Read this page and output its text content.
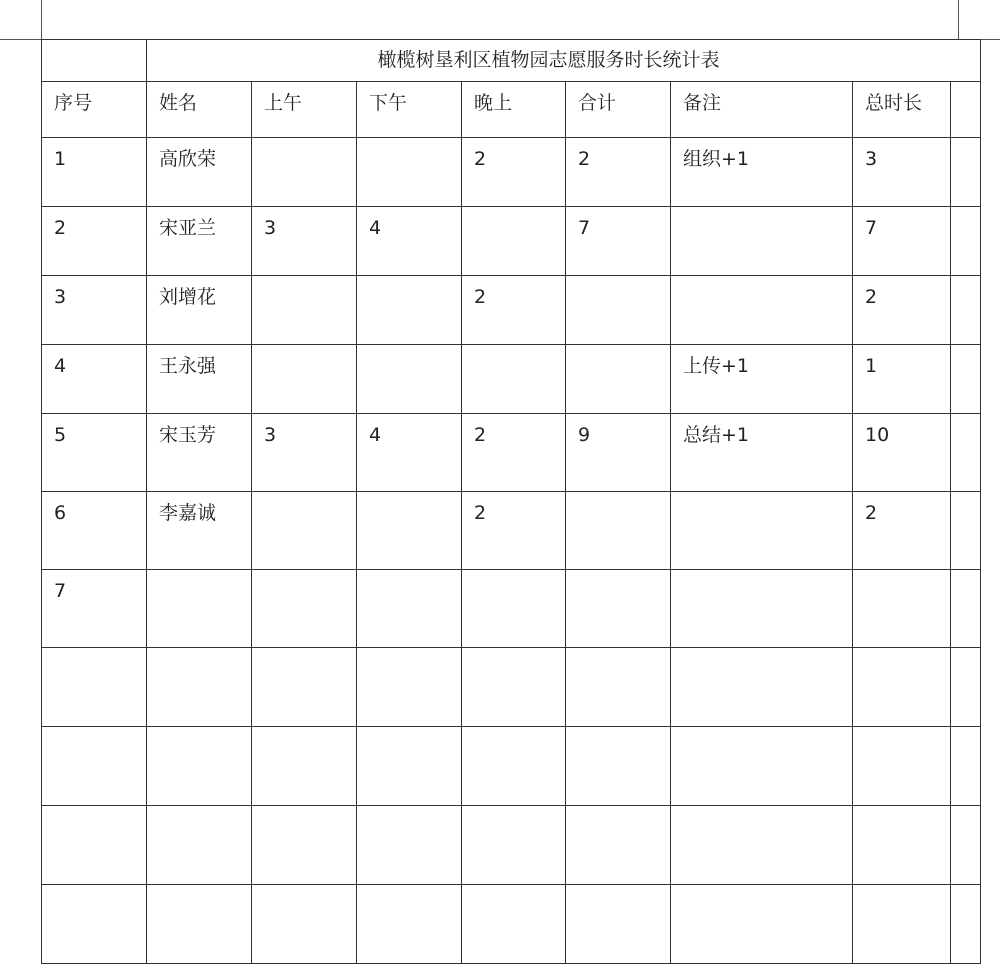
	橄榄树垦利区植物园志愿服务时长统计表							
序号	姓名	上午	下午	晚上	合计	备注	总时长	
1	高欣荣			2	2	组织+1	3	
2	宋亚兰	3	4		7		7	
3	刘增花			2			2	
4	王永强					上传+1	1	
5	宋玉芳	3	4	2	9	总结+1	10	
6	李嘉诚			2			2	
7								
